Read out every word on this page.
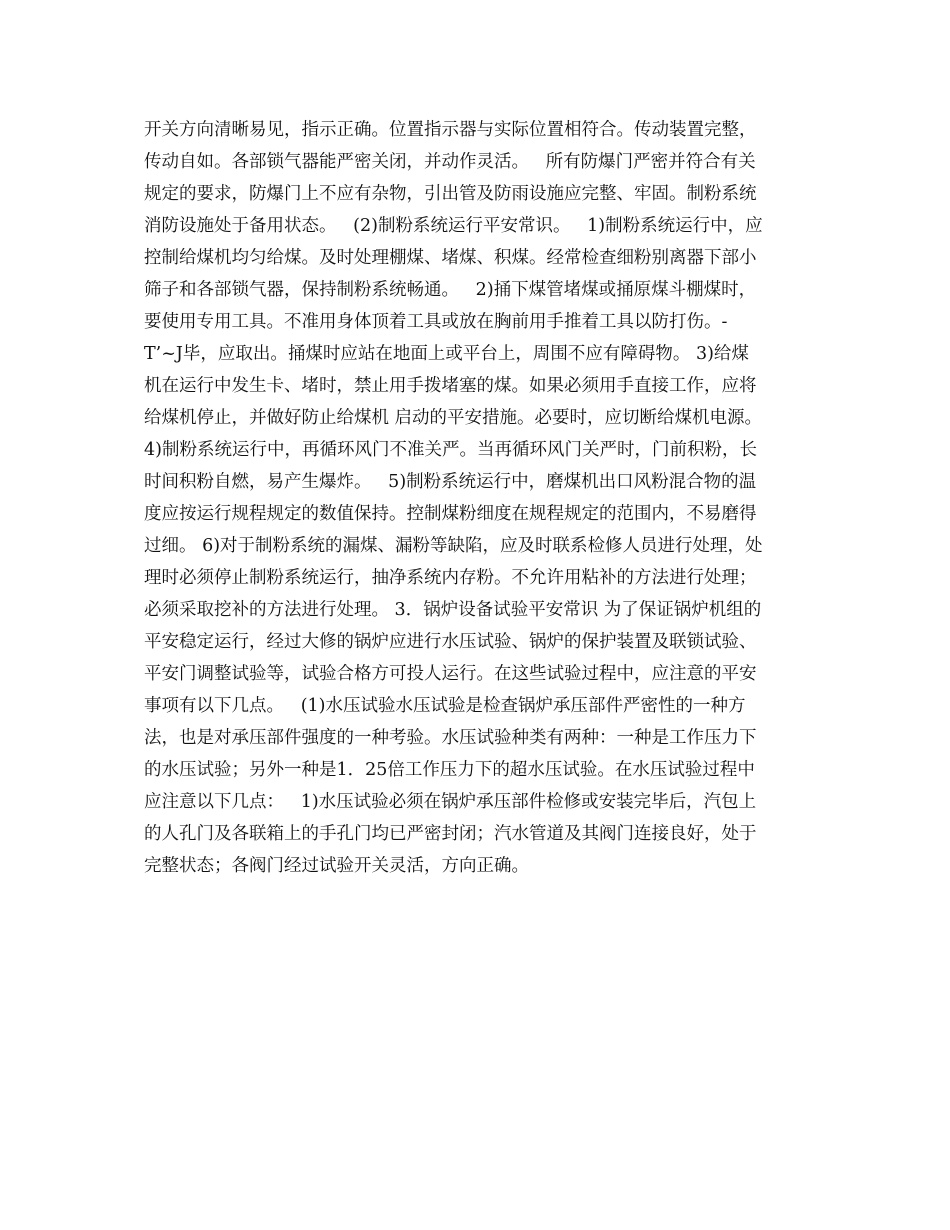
开关方向清晰易见，指示正确。位置指示器与实际位置相符合。传动装置完整，
传动自如。各部锁气器能严密关闭，并动作灵活。   所有防爆门严密并符合有关
规定的要求，防爆门上不应有杂物，引出管及防雨设施应完整、牢固。制粉系统
消防设施处于备用状态。   (2)制粉系统运行平安常识。   1)制粉系统运行中，应
控制给煤机均匀给煤。及时处理棚煤、堵煤、积煤。经常检查细粉别离器下部小
筛子和各部锁气器，保持制粉系统畅通。   2)捅下煤管堵煤或捅原煤斗棚煤时，
要使用专用工具。不准用身体顶着工具或放在胸前用手推着工具以防打伤。-
T’~J毕，应取出。捅煤时应站在地面上或平台上，周围不应有障碍物。 3)给煤
机在运行中发生卡、堵时，禁止用手拨堵塞的煤。如果必须用手直接工作，应将
给煤机停止，并做好防止给煤机 启动的平安措施。必要时，应切断给煤机电源。
4)制粉系统运行中，再循环风门不准关严。当再循环风门关严时，门前积粉，长
时间积粉自燃，易产生爆炸。   5)制粉系统运行中，磨煤机出口风粉混合物的温
度应按运行规程规定的数值保持。控制煤粉细度在规程规定的范围内，不易磨得
过细。 6)对于制粉系统的漏煤、漏粉等缺陷，应及时联系检修人员进行处理，处
理时必须停止制粉系统运行，抽净系统内存粉。不允许用粘补的方法进行处理；
必须采取挖补的方法进行处理。 3．锅炉设备试验平安常识 为了保证锅炉机组的
平安稳定运行，经过大修的锅炉应进行水压试验、锅炉的保护装置及联锁试验、
平安门调整试验等，试验合格方可投人运行。在这些试验过程中，应注意的平安
事项有以下几点。   (1)水压试验水压试验是检查锅炉承压部件严密性的一种方
法，也是对承压部件强度的一种考验。水压试验种类有两种：一种是工作压力下
的水压试验；另外一种是1．25倍工作压力下的超水压试验。在水压试验过程中
应注意以下几点：   1)水压试验必须在锅炉承压部件检修或安装完毕后，汽包上
的人孔门及各联箱上的手孔门均已严密封闭；汽水管道及其阀门连接良好，处于
完整状态；各阀门经过试验开关灵活，方向正确。
